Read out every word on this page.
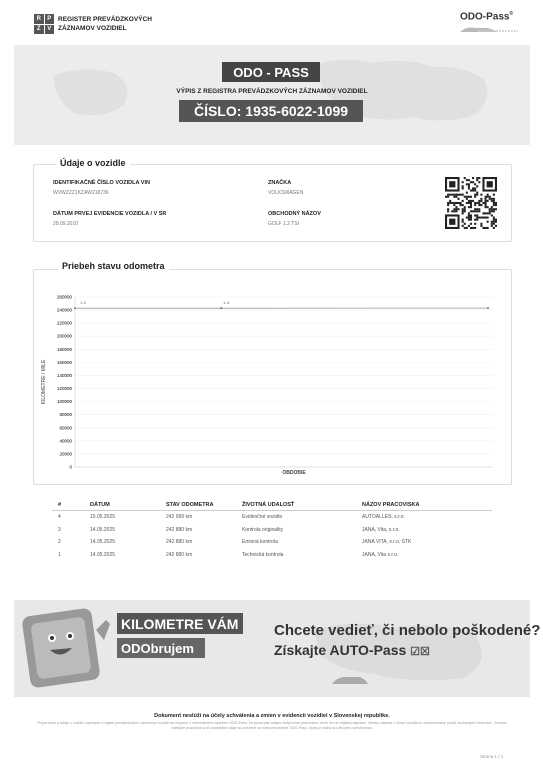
R	P
Z	V
REGISTER PREVÁDZKOVÝCH
ZÁZNAMOV VOZIDIEL
ODO-Pass®
ODO - PASS
VÝPIS Z REGISTRA PREVÁDZKOVÝCH ZÁZNAMOV VOZIDIEL
ČÍSLO: 1935-6022-1099
Údaje o vozidle
IDENTIFIKAČNÉ ČÍSLO VOZIDLA VIN
WVWZZZ1KZAW218736
DÁTUM PRVEJ EVIDENCIE VOZIDLA / V SR
29.09.2010
ZNAČKA
VOLKSWAGEN
OBCHODNÝ NÁZOV
GOLF 1.2 TSI
Priebeh stavu odometra
260000
240000
220000
200000
180000
160000
140000
120000
100000
80000
60000
40000
20000
0
KILOMETRE / MILE
OBDOBIE
1-3	1-3
#	DÁTUM	STAV ODOMETRA	ŽIVOTNÁ UDALOSŤ	NÁZOV PRACOVISKA
4	15.05.2025	242 999 km	Evidenčné vozidlo	AUTOALLES, s.r.o.
3	14.05.2025	242 880 km	Kontrola originality	JANA, Vita, s.r.o.
2	14.05.2025	242 880 km	Emisná kontrola	JANA VITA, s.r.o. STK
1	14.05.2025	242 880 km	Technická kontrola	JANA, Vita s.r.o.
KILOMETRE VÁM
ODObrujem
Chcete vedieť, či nebolo poškodené?
Získajte AUTO-Pass ☑☒
Dokument neslúži na účely schválenia a zmien v evidencii vozidiel v Slovenskej republike.
Prepis textu a údaje o vozidle zapísané v registri prevádzkových záznamov vozidiel sú čerpané z informačného systému ODO-Pass. Za správnosť údajov zodpovedá pracovisko, ktoré ich do registra zapísalo. Všetky udalosti v živote vozidla sú zaznamenané podľa dostupných informácií. Zoznam všetkých pracovísk a ich kontaktné údaje sú uvedené na webovej stránke ODO-Pass. Výpis je platný ku dňu jeho vyhotovenia.
Strana 1 / 1
